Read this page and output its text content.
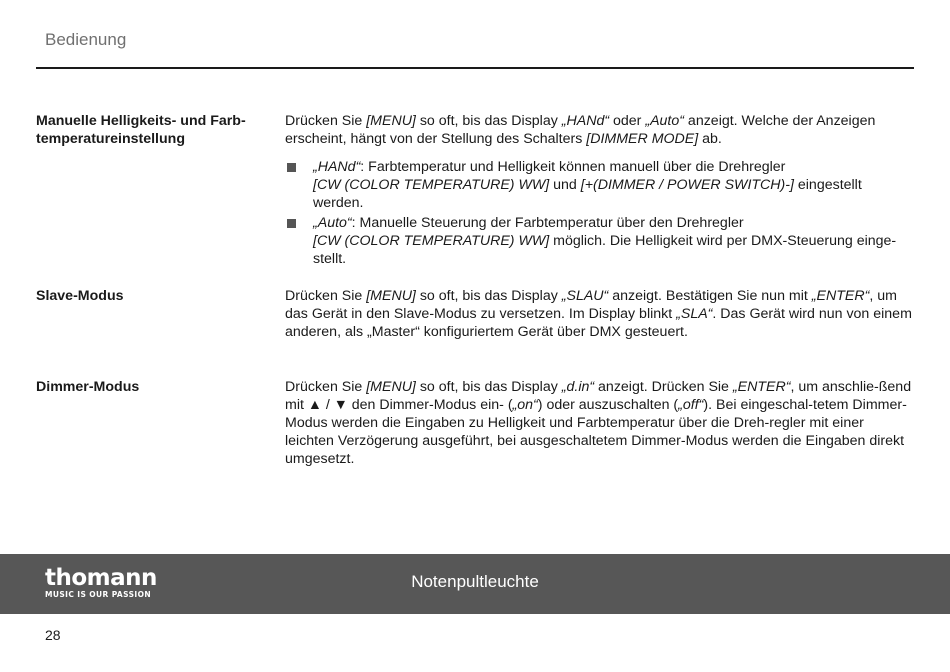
Bedienung
Manuelle Helligkeits- und Farb-
temperatureinstellung

Drücken Sie [MENU] so oft, bis das Display „HANd“ oder „Auto“ anzeigt. Welche der Anzeigen erscheint, hängt von der Stellung des Schalters [DIMMER MODE] ab.

„HANd“: Farbtemperatur und Helligkeit können manuell über die Drehregler
[CW (COLOR TEMPERATURE) WW] und [+(DIMMER / POWER SWITCH)-] eingestellt werden.
„Auto“: Manuelle Steuerung der Farbtemperatur über den Drehregler
[CW (COLOR TEMPERATURE) WW] möglich. Die Helligkeit wird per DMX-Steuerung einge-
stellt.
Slave-Modus	Drücken Sie [MENU] so oft, bis das Display „SLAU“ anzeigt. Bestätigen Sie nun mit „ENTER“, um das Gerät in den Slave-Modus zu versetzen. Im Display blinkt „SLA“. Das Gerät wird nun von einem anderen, als „Master“ konfiguriertem Gerät über DMX gesteuert.

Dimmer-Modus	Drücken Sie [MENU] so oft, bis das Display „d.in“ anzeigt. Drücken Sie „ENTER“, um anschlie-ßend mit ▲ / ▼ den Dimmer-Modus ein- („on“) oder auszuschalten („off“). Bei eingeschal-tetem Dimmer-Modus werden die Eingaben zu Helligkeit und Farbtemperatur über die Dreh-regler mit einer leichten Verzögerung ausgeführt, bei ausgeschaltetem Dimmer-Modus werden die Eingaben direkt umgesetzt.

thomann
MUSIC IS OUR PASSION
Notenpultleuchte
28
